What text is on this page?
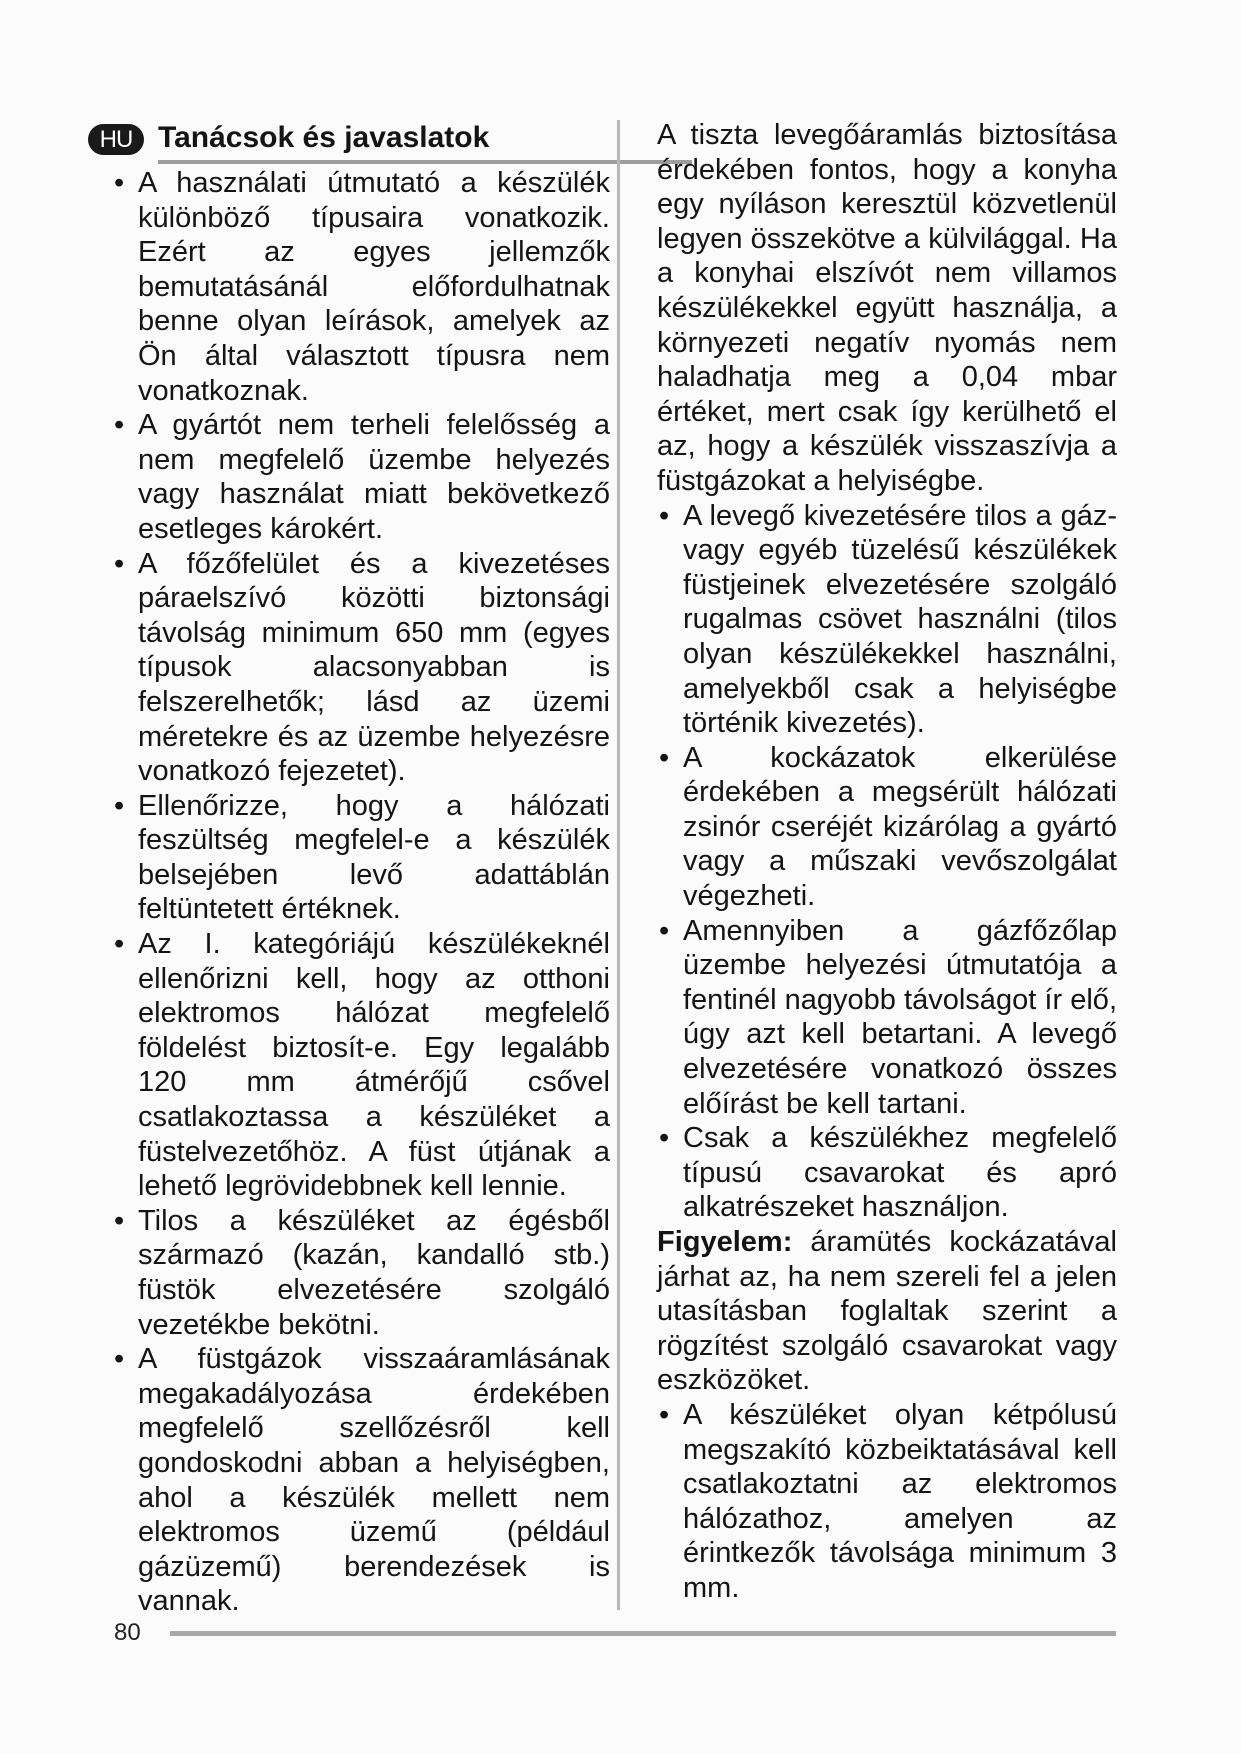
HU Tanácsok és javaslatok
• A használati útmutató a készülék különböző típusaira vonatkozik. Ezért az egyes jellemzők bemutatásánál előfordulhatnak benne olyan leírások, amelyek az Ön által választott típusra nem vonatkoznak.
• A gyártót nem terheli felelősség a nem megfelelő üzembe helyezés vagy használat miatt bekövetkező esetleges károkért.
• A főzőfelület és a kivezetéses páraelszívó közötti biztonsági távolság minimum 650 mm (egyes típusok alacsonyabban is felszerelhetők; lásd az üzemi méretekre és az üzembe helyezésre vonatkozó fejezetet).
• Ellenőrizze, hogy a hálózati feszültség megfelel-e a készülék belsejében levő adattáblán feltüntetett értéknek.
• Az I. kategóriájú készülékeknél ellenőrizni kell, hogy az otthoni elektromos hálózat megfelelő földelést biztosít-e. Egy legalább 120 mm átmérőjű csővel csatlakoztassa a készüléket a füstelvezetőhöz. A füst útjának a lehető legrövidebbnek kell lennie.
• Tilos a készüléket az égésből származó (kazán, kandalló stb.) füstök elvezetésére szolgáló vezetékbe bekötni.
• A füstgázok visszaáramlásának megakadályozása érdekében megfelelő szellőzésről kell gondoskodni abban a helyiségben, ahol a készülék mellett nem elektromos üzemű (például gázüzemű) berendezések is vannak.
A tiszta levegőáramlás biztosítása érdekében fontos, hogy a konyha egy nyíláson keresztül közvetlenül legyen összekötve a külvilággal. Ha a konyhai elszívót nem villamos készülékekkel együtt használja, a környezeti negatív nyomás nem haladhatja meg a 0,04 mbar értéket, mert csak így kerülhető el az, hogy a készülék visszaszívja a füstgázokat a helyiségbe.
• A levegő kivezetésére tilos a gáz- vagy egyéb tüzelésű készülékek füstjeinek elvezetésére szolgáló rugalmas csövet használni (tilos olyan készülékekkel használni, amelyekből csak a helyiségbe történik kivezetés).
• A kockázatok elkerülése érdekében a megsérült hálózati zsinór cseréjét kizárólag a gyártó vagy a műszaki vevőszolgálat végezheti.
• Amennyiben a gázfőzőlap üzembe helyezési útmutatója a fentinél nagyobb távolságot ír elő, úgy azt kell betartani. A levegő elvezetésére vonatkozó összes előírást be kell tartani.
• Csak a készülékhez megfelelő típusú csavarokat és apró alkatrészeket használjon.
Figyelem: áramütés kockázatával járhat az, ha nem szereli fel a jelen utasításban foglaltak szerint a rögzítést szolgáló csavarokat vagy eszközöket.
• A készüléket olyan kétpólusú megszakító közbeiktatásával kell csatlakoztatni az elektromos hálózathoz, amelyen az érintkezők távolsága minimum 3 mm.
80
